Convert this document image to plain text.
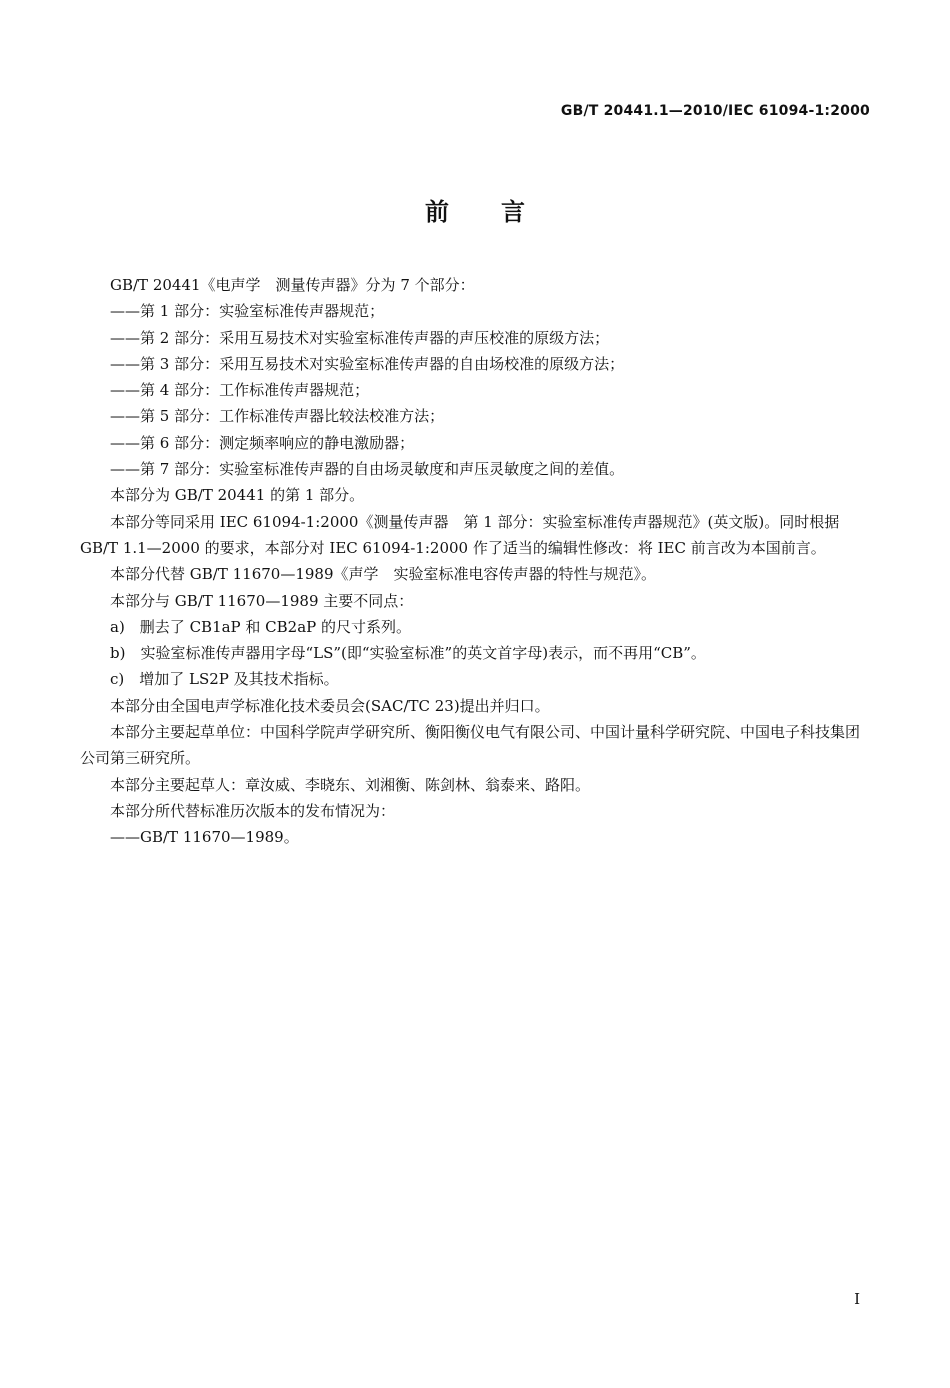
GB/T 20441.1—2010/IEC 61094-1:2000
前 言

GB/T 20441《电声学　测量传声器》分为 7 个部分：

——第 1 部分：实验室标准传声器规范；

——第 2 部分：采用互易技术对实验室标准传声器的声压校准的原级方法；

——第 3 部分：采用互易技术对实验室标准传声器的自由场校准的原级方法；

——第 4 部分：工作标准传声器规范；

——第 5 部分：工作标准传声器比较法校准方法；

——第 6 部分：测定频率响应的静电激励器；

——第 7 部分：实验室标准传声器的自由场灵敏度和声压灵敏度之间的差值。

本部分为 GB/T 20441 的第 1 部分。

本部分等同采用 IEC 61094-1:2000《测量传声器　第 1 部分：实验室标准传声器规范》(英文版)。同时根据 GB/T 1.1—2000 的要求，本部分对 IEC 61094-1:2000 作了适当的编辑性修改：将 IEC 前言改为本国前言。

本部分代替 GB/T 11670—1989《声学　实验室标准电容传声器的特性与规范》。

本部分与 GB/T 11670—1989 主要不同点：

a)　删去了 CB1aP 和 CB2aP 的尺寸系列。

b)　实验室标准传声器用字母“LS”(即“实验室标准”的英文首字母)表示，而不再用“CB”。

c)　增加了 LS2P 及其技术指标。

本部分由全国电声学标准化技术委员会(SAC/TC 23)提出并归口。

本部分主要起草单位：中国科学院声学研究所、衡阳衡仪电气有限公司、中国计量科学研究院、中国电子科技集团公司第三研究所。

本部分主要起草人：章汝威、李晓东、刘湘衡、陈剑林、翁泰来、路阳。

本部分所代替标准历次版本的发布情况为：

——GB/T 11670—1989。

I
